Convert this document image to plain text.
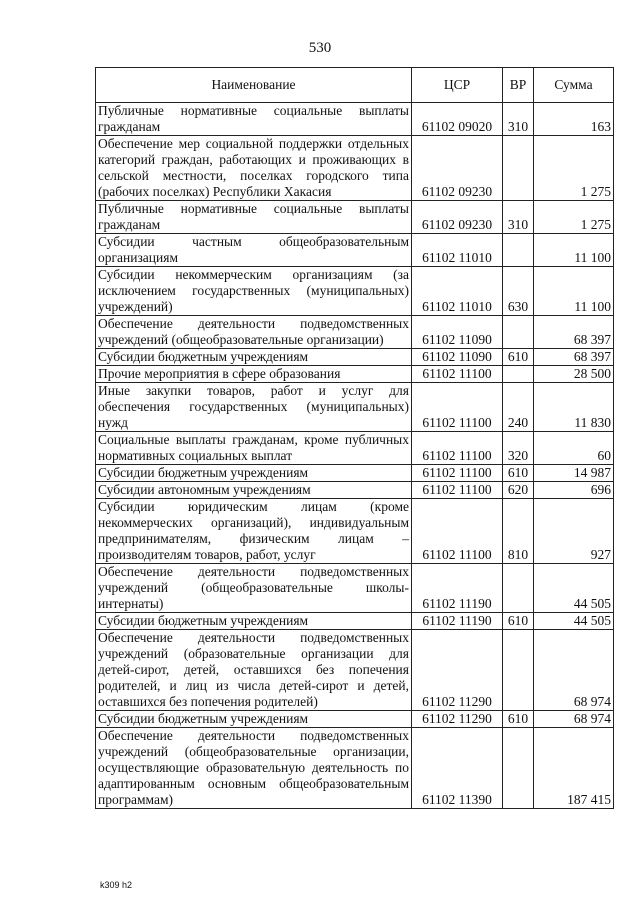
530
Наименование	ЦСР	ВР	Сумма
Публичные нормативные социальные выплаты гражданам	61102 09020	310	163
Обеспечение мер социальной поддержки отдельных категорий граждан, работающих и проживающих в сельской местности, поселках городского типа (рабочих поселках) Республики Хакасия	61102 09230		1 275
Публичные нормативные социальные выплаты гражданам	61102 09230	310	1 275
Субсидии частным общеобразовательным организациям	61102 11010		11 100
Субсидии некоммерческим организациям (за исключением государственных (муниципальных) учреждений)	61102 11010	630	11 100
Обеспечение деятельности подведомственных учреждений (общеобразовательные организации)	61102 11090		68 397
Субсидии бюджетным учреждениям	61102 11090	610	68 397
Прочие мероприятия в сфере образования	61102 11100		28 500
Иные закупки товаров, работ и услуг для обеспечения государственных (муниципальных) нужд	61102 11100	240	11 830
Социальные выплаты гражданам, кроме публичных нормативных социальных выплат	61102 11100	320	60
Субсидии бюджетным учреждениям	61102 11100	610	14 987
Субсидии автономным учреждениям	61102 11100	620	696
Субсидии юридическим лицам (кроме некоммерческих организаций), индивидуальным предпринимателям, физическим лицам – производителям товаров, работ, услуг	61102 11100	810	927
Обеспечение деятельности подведомственных учреждений (общеобразовательные школы-интернаты)	61102 11190		44 505
Субсидии бюджетным учреждениям	61102 11190	610	44 505
Обеспечение деятельности подведомственных учреждений (образовательные организации для детей-сирот, детей, оставшихся без попечения родителей, и лиц из числа детей-сирот и детей, оставшихся без попечения родителей)	61102 11290		68 974
Субсидии бюджетным учреждениям	61102 11290	610	68 974
Обеспечение деятельности подведомственных учреждений (общеобразовательные организации, осуществляющие образовательную деятельность по адаптированным основным общеобразовательным программам)	61102 11390		187 415
k309 h2
